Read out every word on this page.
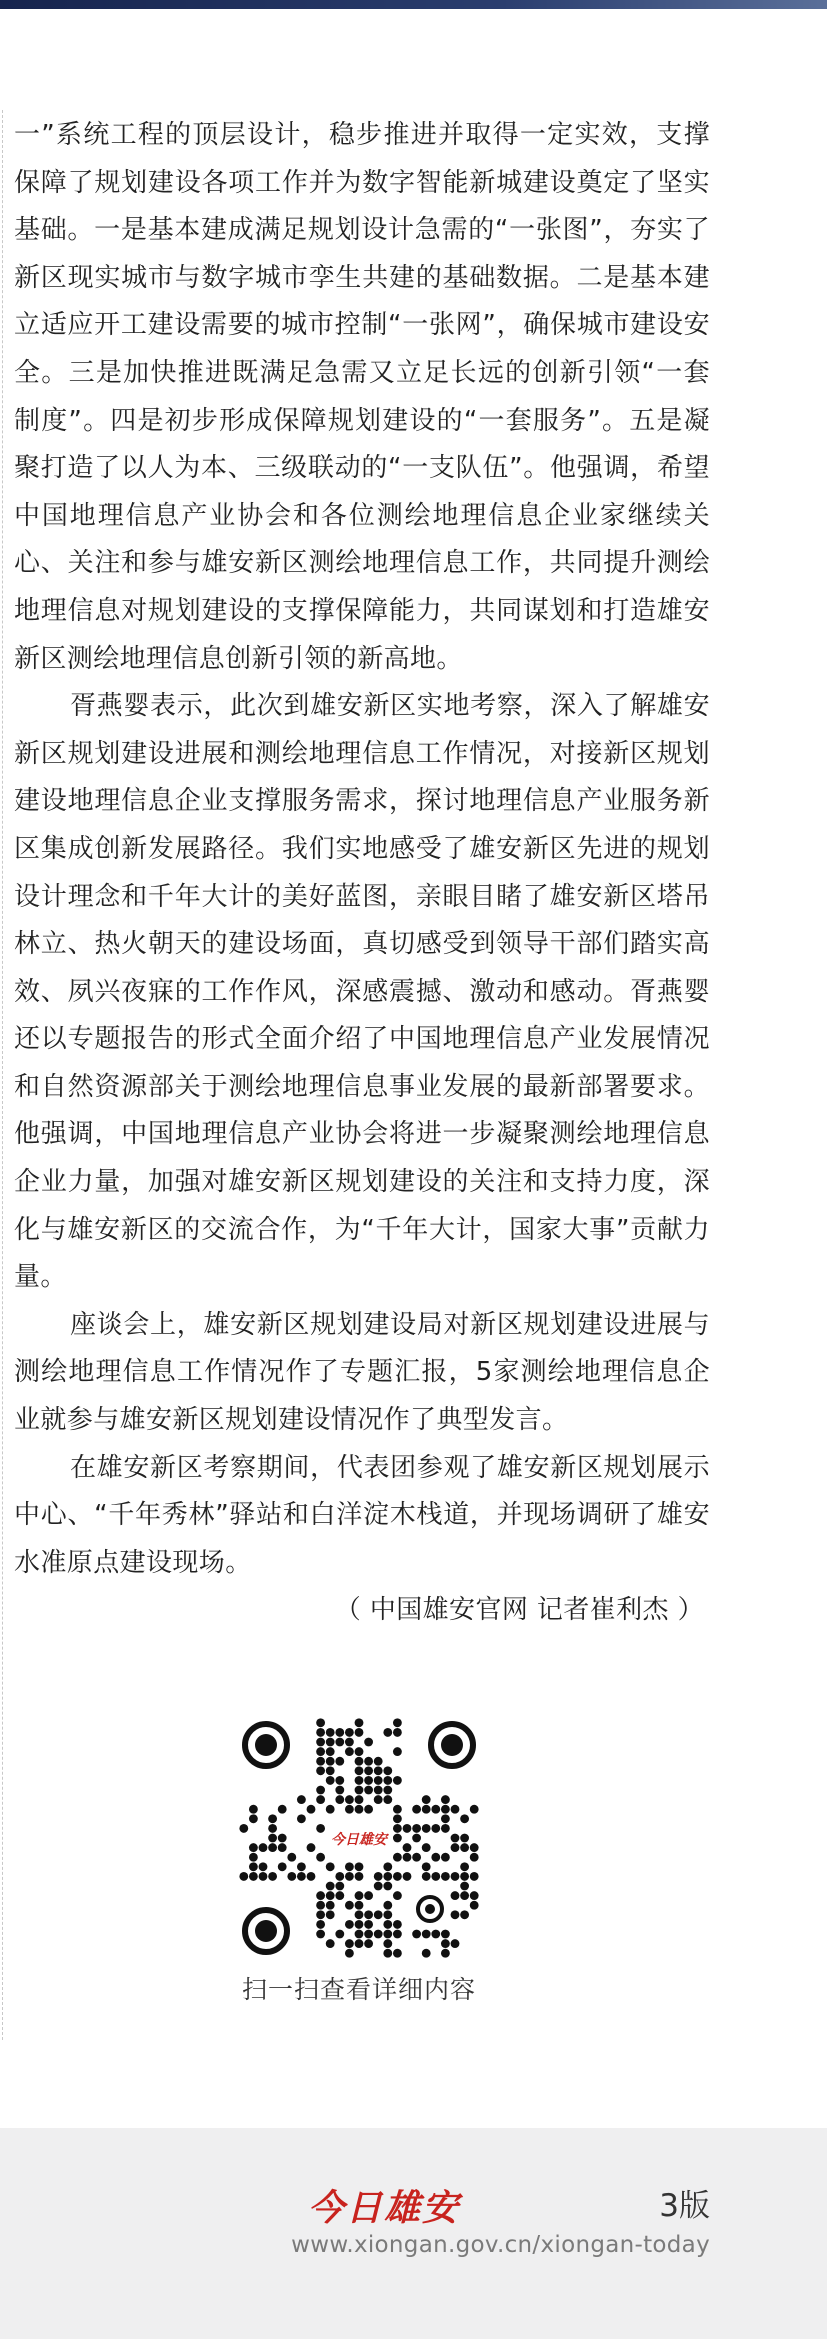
一”系统工程的顶层设计，稳步推进并取得一定实效，支撑保障了规划建设各项工作并为数字智能新城建设奠定了坚实基础。一是基本建成满足规划设计急需的“一张图”，夯实了新区现实城市与数字城市孪生共建的基础数据。二是基本建立适应开工建设需要的城市控制“一张网”，确保城市建设安全。三是加快推进既满足急需又立足长远的创新引领“一套制度”。四是初步形成保障规划建设的“一套服务”。五是凝聚打造了以人为本、三级联动的“一支队伍”。他强调，希望中国地理信息产业协会和各位测绘地理信息企业家继续关心、关注和参与雄安新区测绘地理信息工作，共同提升测绘地理信息对规划建设的支撑保障能力，共同谋划和打造雄安新区测绘地理信息创新引领的新高地。

胥燕婴表示，此次到雄安新区实地考察，深入了解雄安新区规划建设进展和测绘地理信息工作情况，对接新区规划建设地理信息企业支撑服务需求，探讨地理信息产业服务新区集成创新发展路径。我们实地感受了雄安新区先进的规划设计理念和千年大计的美好蓝图，亲眼目睹了雄安新区塔吊林立、热火朝天的建设场面，真切感受到领导干部们踏实高效、夙兴夜寐的工作作风，深感震撼、激动和感动。胥燕婴还以专题报告的形式全面介绍了中国地理信息产业发展情况和自然资源部关于测绘地理信息事业发展的最新部署要求。他强调，中国地理信息产业协会将进一步凝聚测绘地理信息企业力量，加强对雄安新区规划建设的关注和支持力度，深化与雄安新区的交流合作，为“千年大计，国家大事”贡献力量。

座谈会上，雄安新区规划建设局对新区规划建设进展与测绘地理信息工作情况作了专题汇报，5家测绘地理信息企业就参与雄安新区规划建设情况作了典型发言。

在雄安新区考察期间，代表团参观了雄安新区规划展示中心、“千年秀林”驿站和白洋淀木栈道，并现场调研了雄安水准原点建设现场。

（ 中国雄安官网 记者崔利杰 ）

今日雄安
扫一扫查看详细内容
今日雄安	3版
www.xiongan.gov.cn/xiongan-today
